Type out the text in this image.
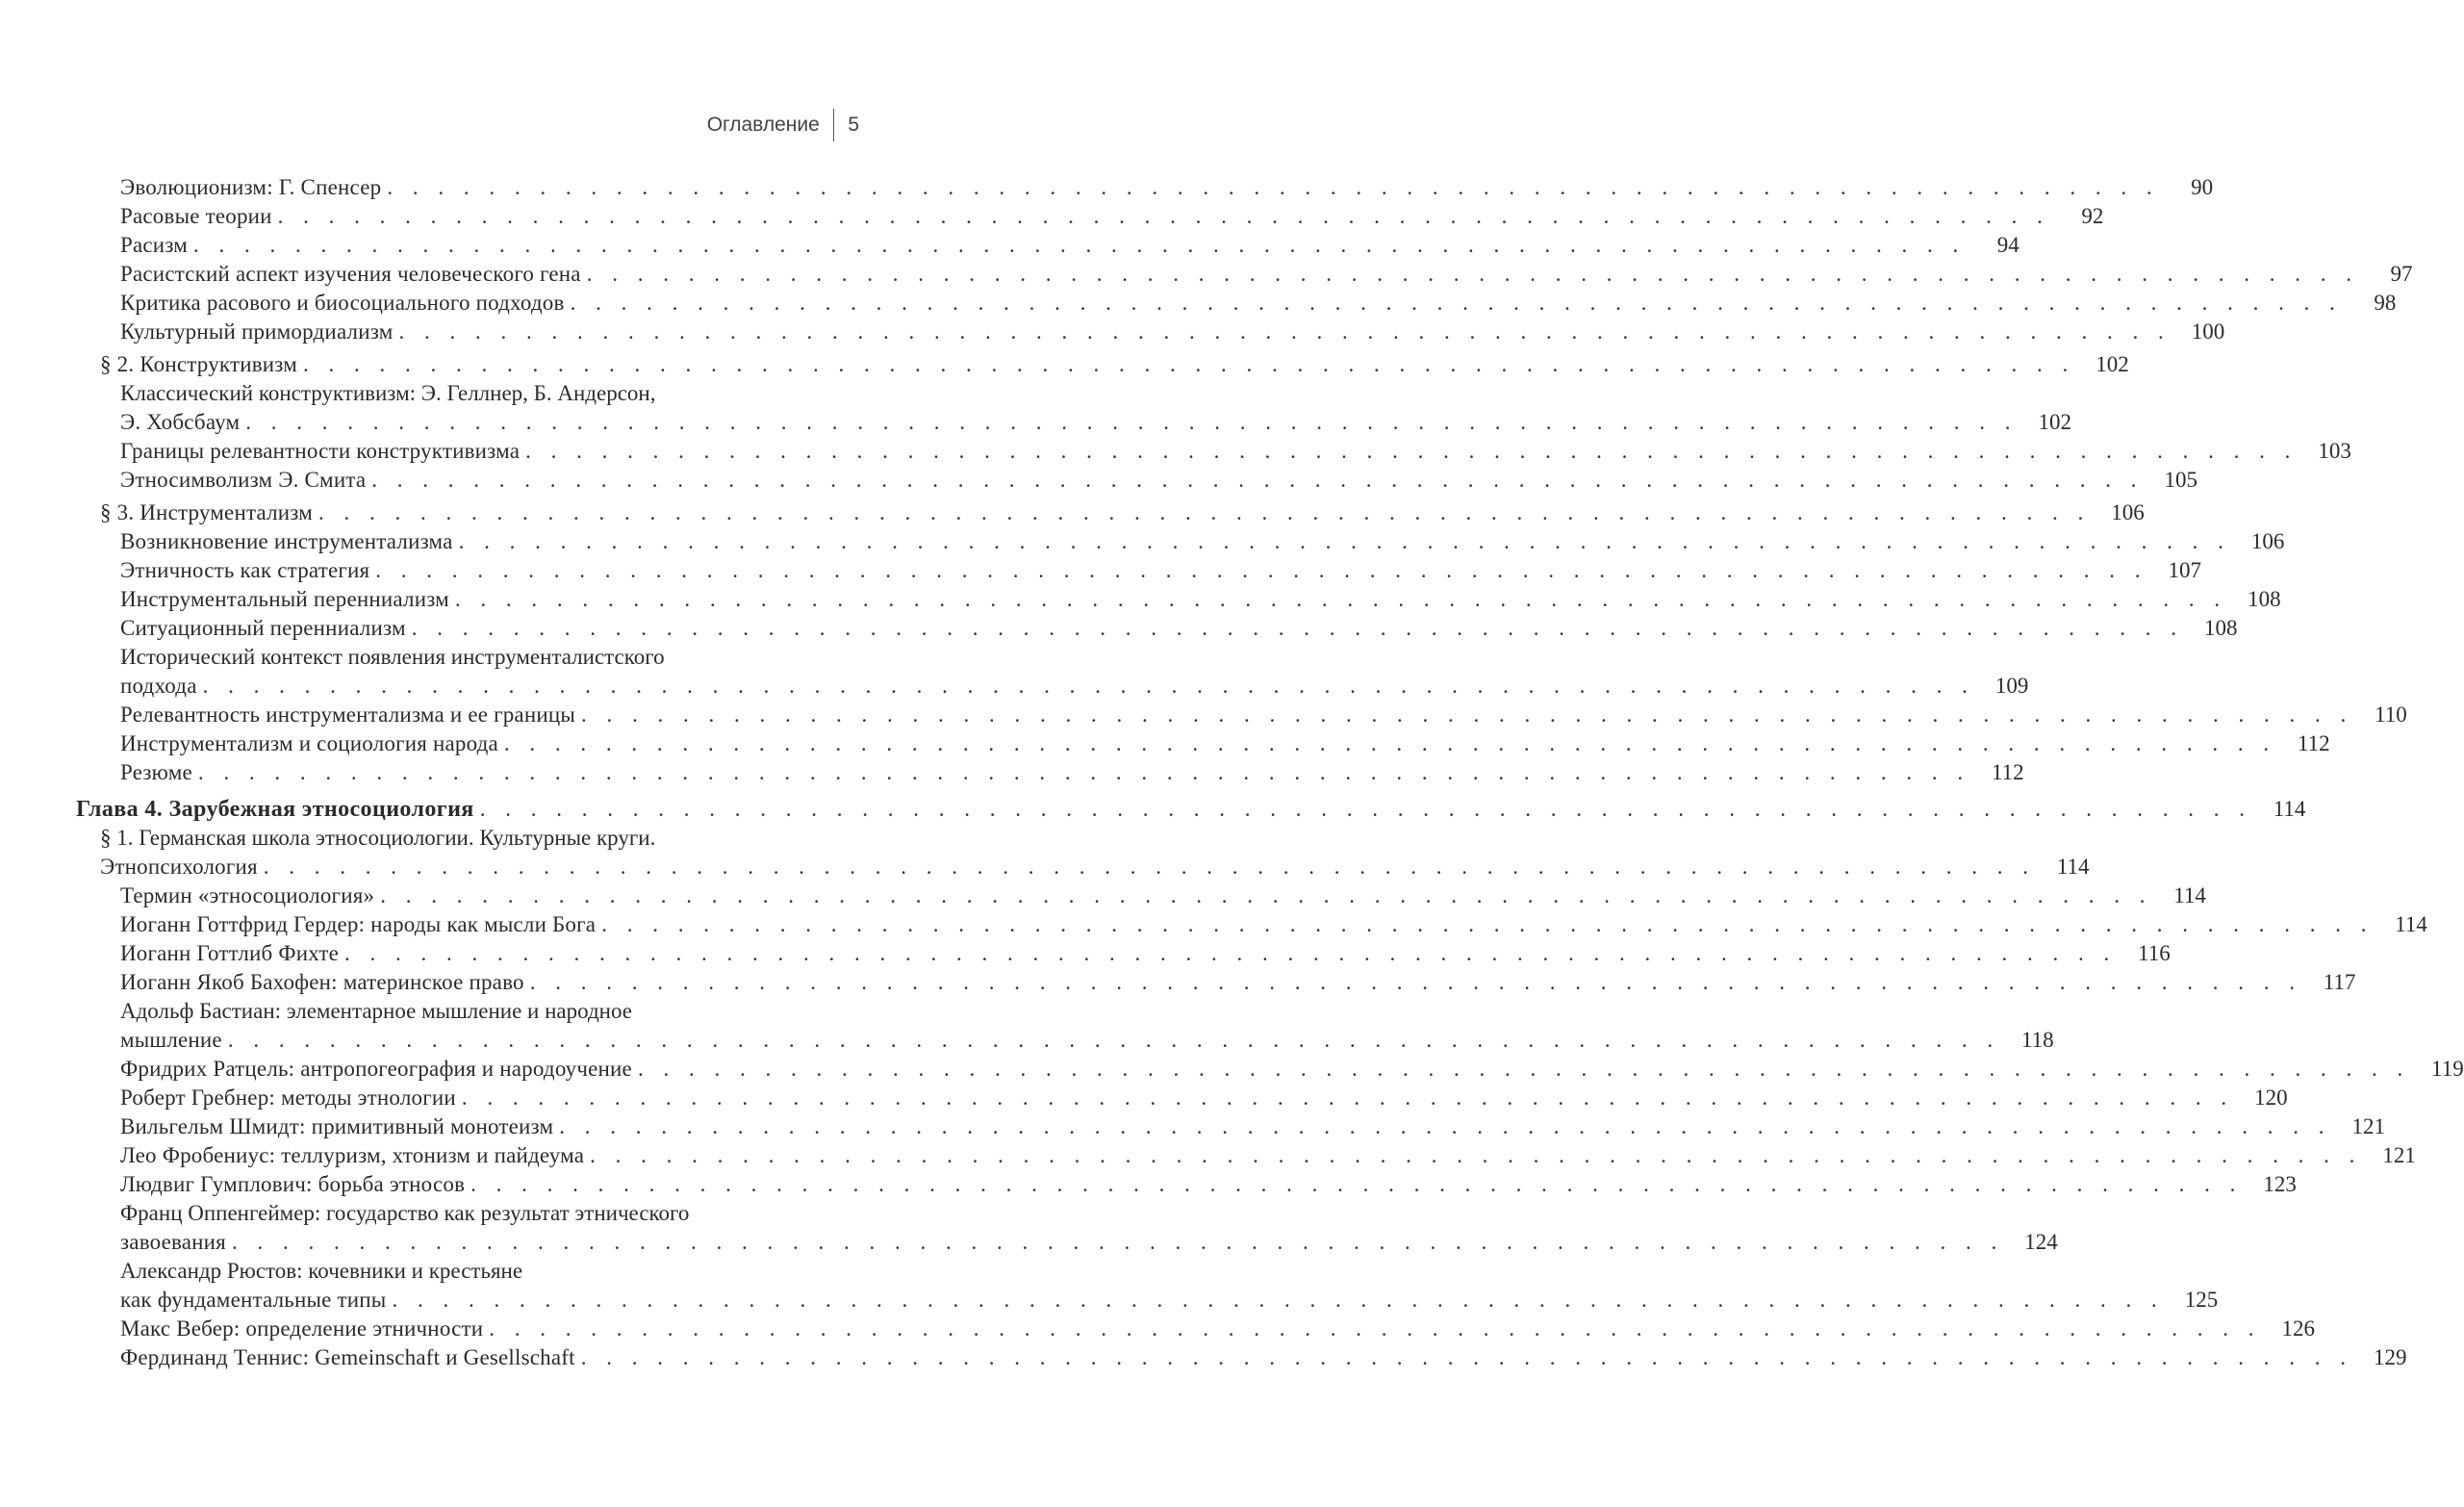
Оглавление 5
Эволюционизм: Г. Спенсер . . .	90
Расовые теории . . .	92
Расизм . . .	94
Расистский аспект изучения человеческого гена . . .	97
Критика расового и биосоциального подходов . . .	98
Культурный примордиализм . . .	100
§ 2. Конструктивизм . . .	102
Классический конструктивизм: Э. Геллнер, Б. Андерсон,
Э. Хобсбаум . . .	102
Границы релевантности конструктивизма . . .	103
Этносимволизм Э. Смита . . .	105
§ 3. Инструментализм . . .	106
Возникновение инструментализма . . .	106
Этничность как стратегия . . .	107
Инструментальный перенниализм . . .	108
Ситуационный перенниализм . . .	108
Исторический контекст появления инструменталистского
подхода . . .	109
Релевантность инструментализма и ее границы . . .	110
Инструментализм и социология народа . . .	112
Резюме . . .	112
Глава 4. Зарубежная этносоциология . . .	114
§ 1. Германская школа этносоциологии. Культурные круги.
Этнопсихология . . .	114
Термин «этносоциология» . . .	114
Иоганн Готтфрид Гердер: народы как мысли Бога . . .	114
Иоганн Готтлиб Фихте . . .	116
Иоганн Якоб Бахофен: материнское право . . .	117
Адольф Бастиан: элементарное мышление и народное
мышление . . .	118
Фридрих Ратцель: антропогеография и народоучение . . .	119
Роберт Гребнер: методы этнологии . . .	120
Вильгельм Шмидт: примитивный монотеизм . . .	121
Лео Фробениус: теллуризм, хтонизм и пайдеума . . .	121
Людвиг Гумплович: борьба этносов . . .	123
Франц Оппенгеймер: государство как результат этнического
завоевания . . .	124
Александр Рюстов: кочевники и крестьяне
как фундаментальные типы . . .	125
Макс Вебер: определение этничности . . .	126
Фердинанд Теннис: Gemeinschaft и Gesellschaft . . .	129
